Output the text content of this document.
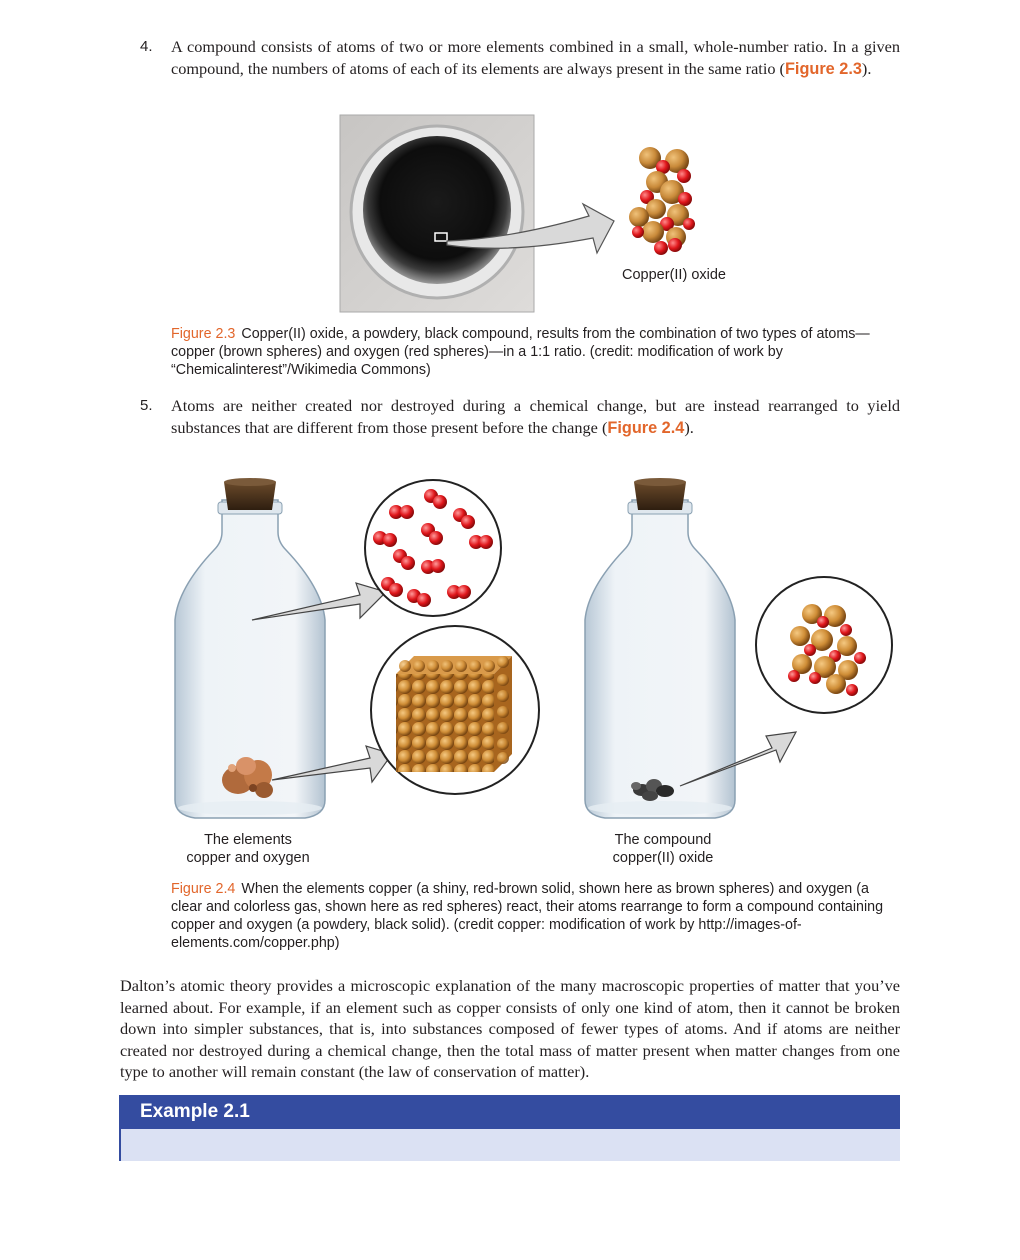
4. A compound consists of atoms of two or more elements combined in a small, whole-number ratio. In a given compound, the numbers of atoms of each of its elements are always present in the same ratio (Figure 2.3).
Copper(II) oxide
Figure 2.3 Copper(II) oxide, a powdery, black compound, results from the combination of two types of atoms—copper (brown spheres) and oxygen (red spheres)—in a 1:1 ratio. (credit: modification of work by “Chemicalinterest”/Wikimedia Commons)
5. Atoms are neither created nor destroyed during a chemical change, but are instead rearranged to yield substances that are different from those present before the change (Figure 2.4).
The elements
copper and oxygen
The compound
copper(II) oxide
Figure 2.4 When the elements copper (a shiny, red-brown solid, shown here as brown spheres) and oxygen (a clear and colorless gas, shown here as red spheres) react, their atoms rearrange to form a compound containing copper and oxygen (a powdery, black solid). (credit copper: modification of work by http://images-of-elements.com/copper.php)
Dalton’s atomic theory provides a microscopic explanation of the many macroscopic properties of matter that you’ve learned about. For example, if an element such as copper consists of only one kind of atom, then it cannot be broken down into simpler substances, that is, into substances composed of fewer types of atoms. And if atoms are neither created nor destroyed during a chemical change, then the total mass of matter present when matter changes from one type to another will remain constant (the law of conservation of matter).
Example 2.1
